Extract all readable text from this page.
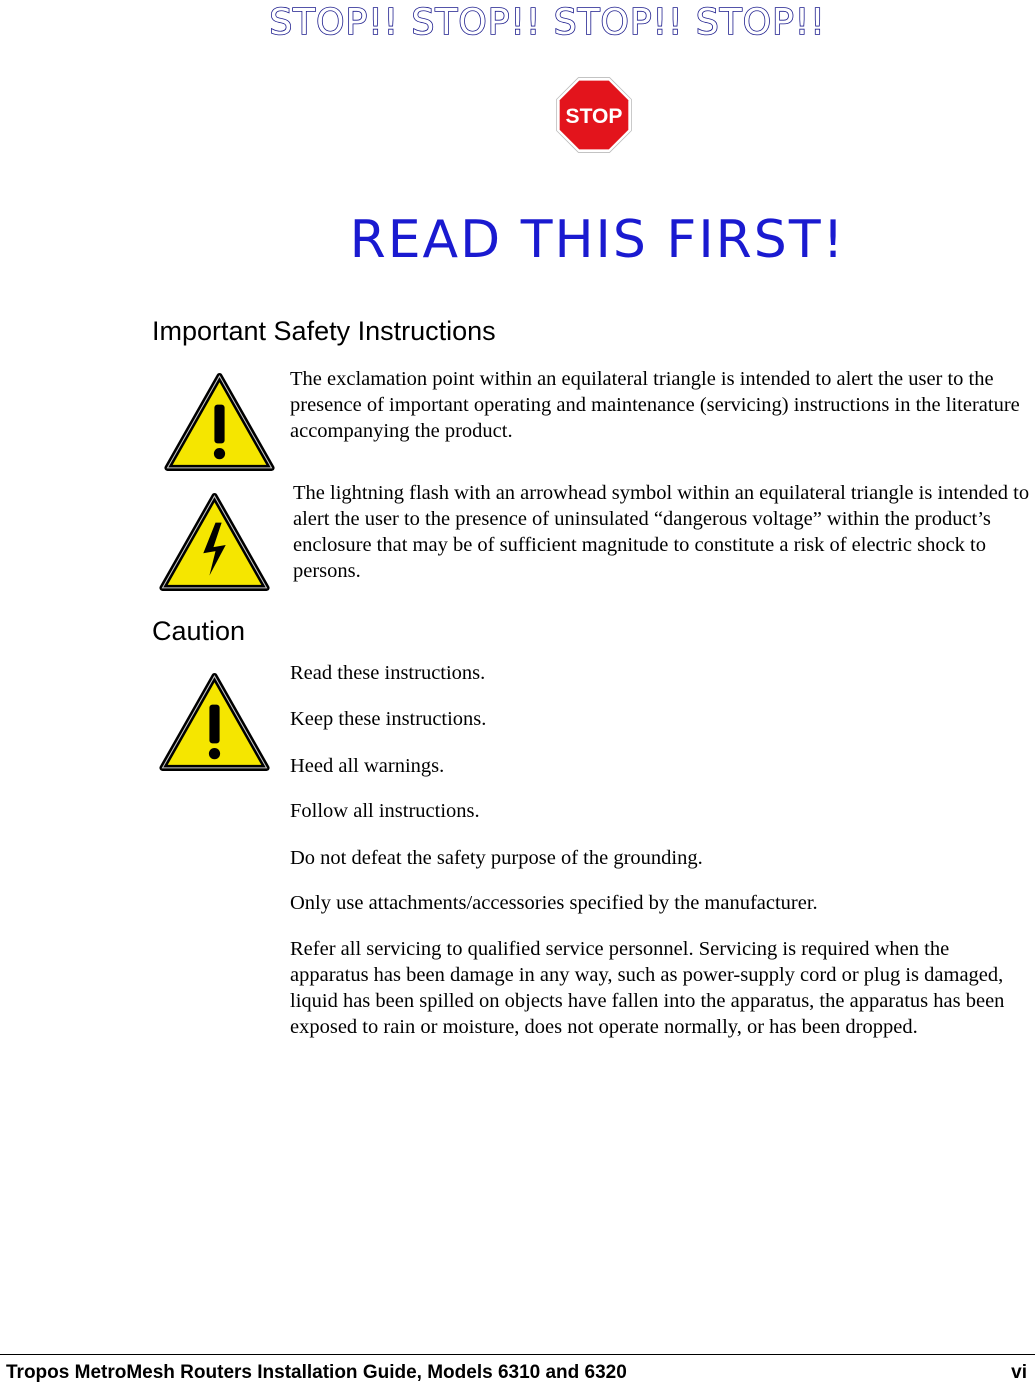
STOP!! STOP!! STOP!! STOP!!
STOP
READ THIS FIRST!
Important Safety Instructions
The exclamation point within an equilateral triangle is intended to alert the user to the presence of important operating and maintenance (servicing) instructions in the literature accompanying the product.
The lightning flash with an arrowhead symbol within an equilateral triangle is intended to alert the user to the presence of uninsulated “dangerous voltage” within the product’s enclosure that may be of sufficient magnitude to constitute a risk of electric shock to persons.
Caution
Read these instructions.
Keep these instructions.
Heed all warnings.
Follow all instructions.
Do not defeat the safety purpose of the grounding.
Only use attachments/accessories specified by the manufacturer.
Refer all servicing to qualified service personnel. Servicing is required when the apparatus has been damage in any way, such as power-supply cord or plug is damaged, liquid has been spilled on objects have fallen into the apparatus, the apparatus has been exposed to rain or moisture, does not operate normally, or has been dropped.
Tropos MetroMesh Routers Installation Guide, Models 6310 and 6320	vi
